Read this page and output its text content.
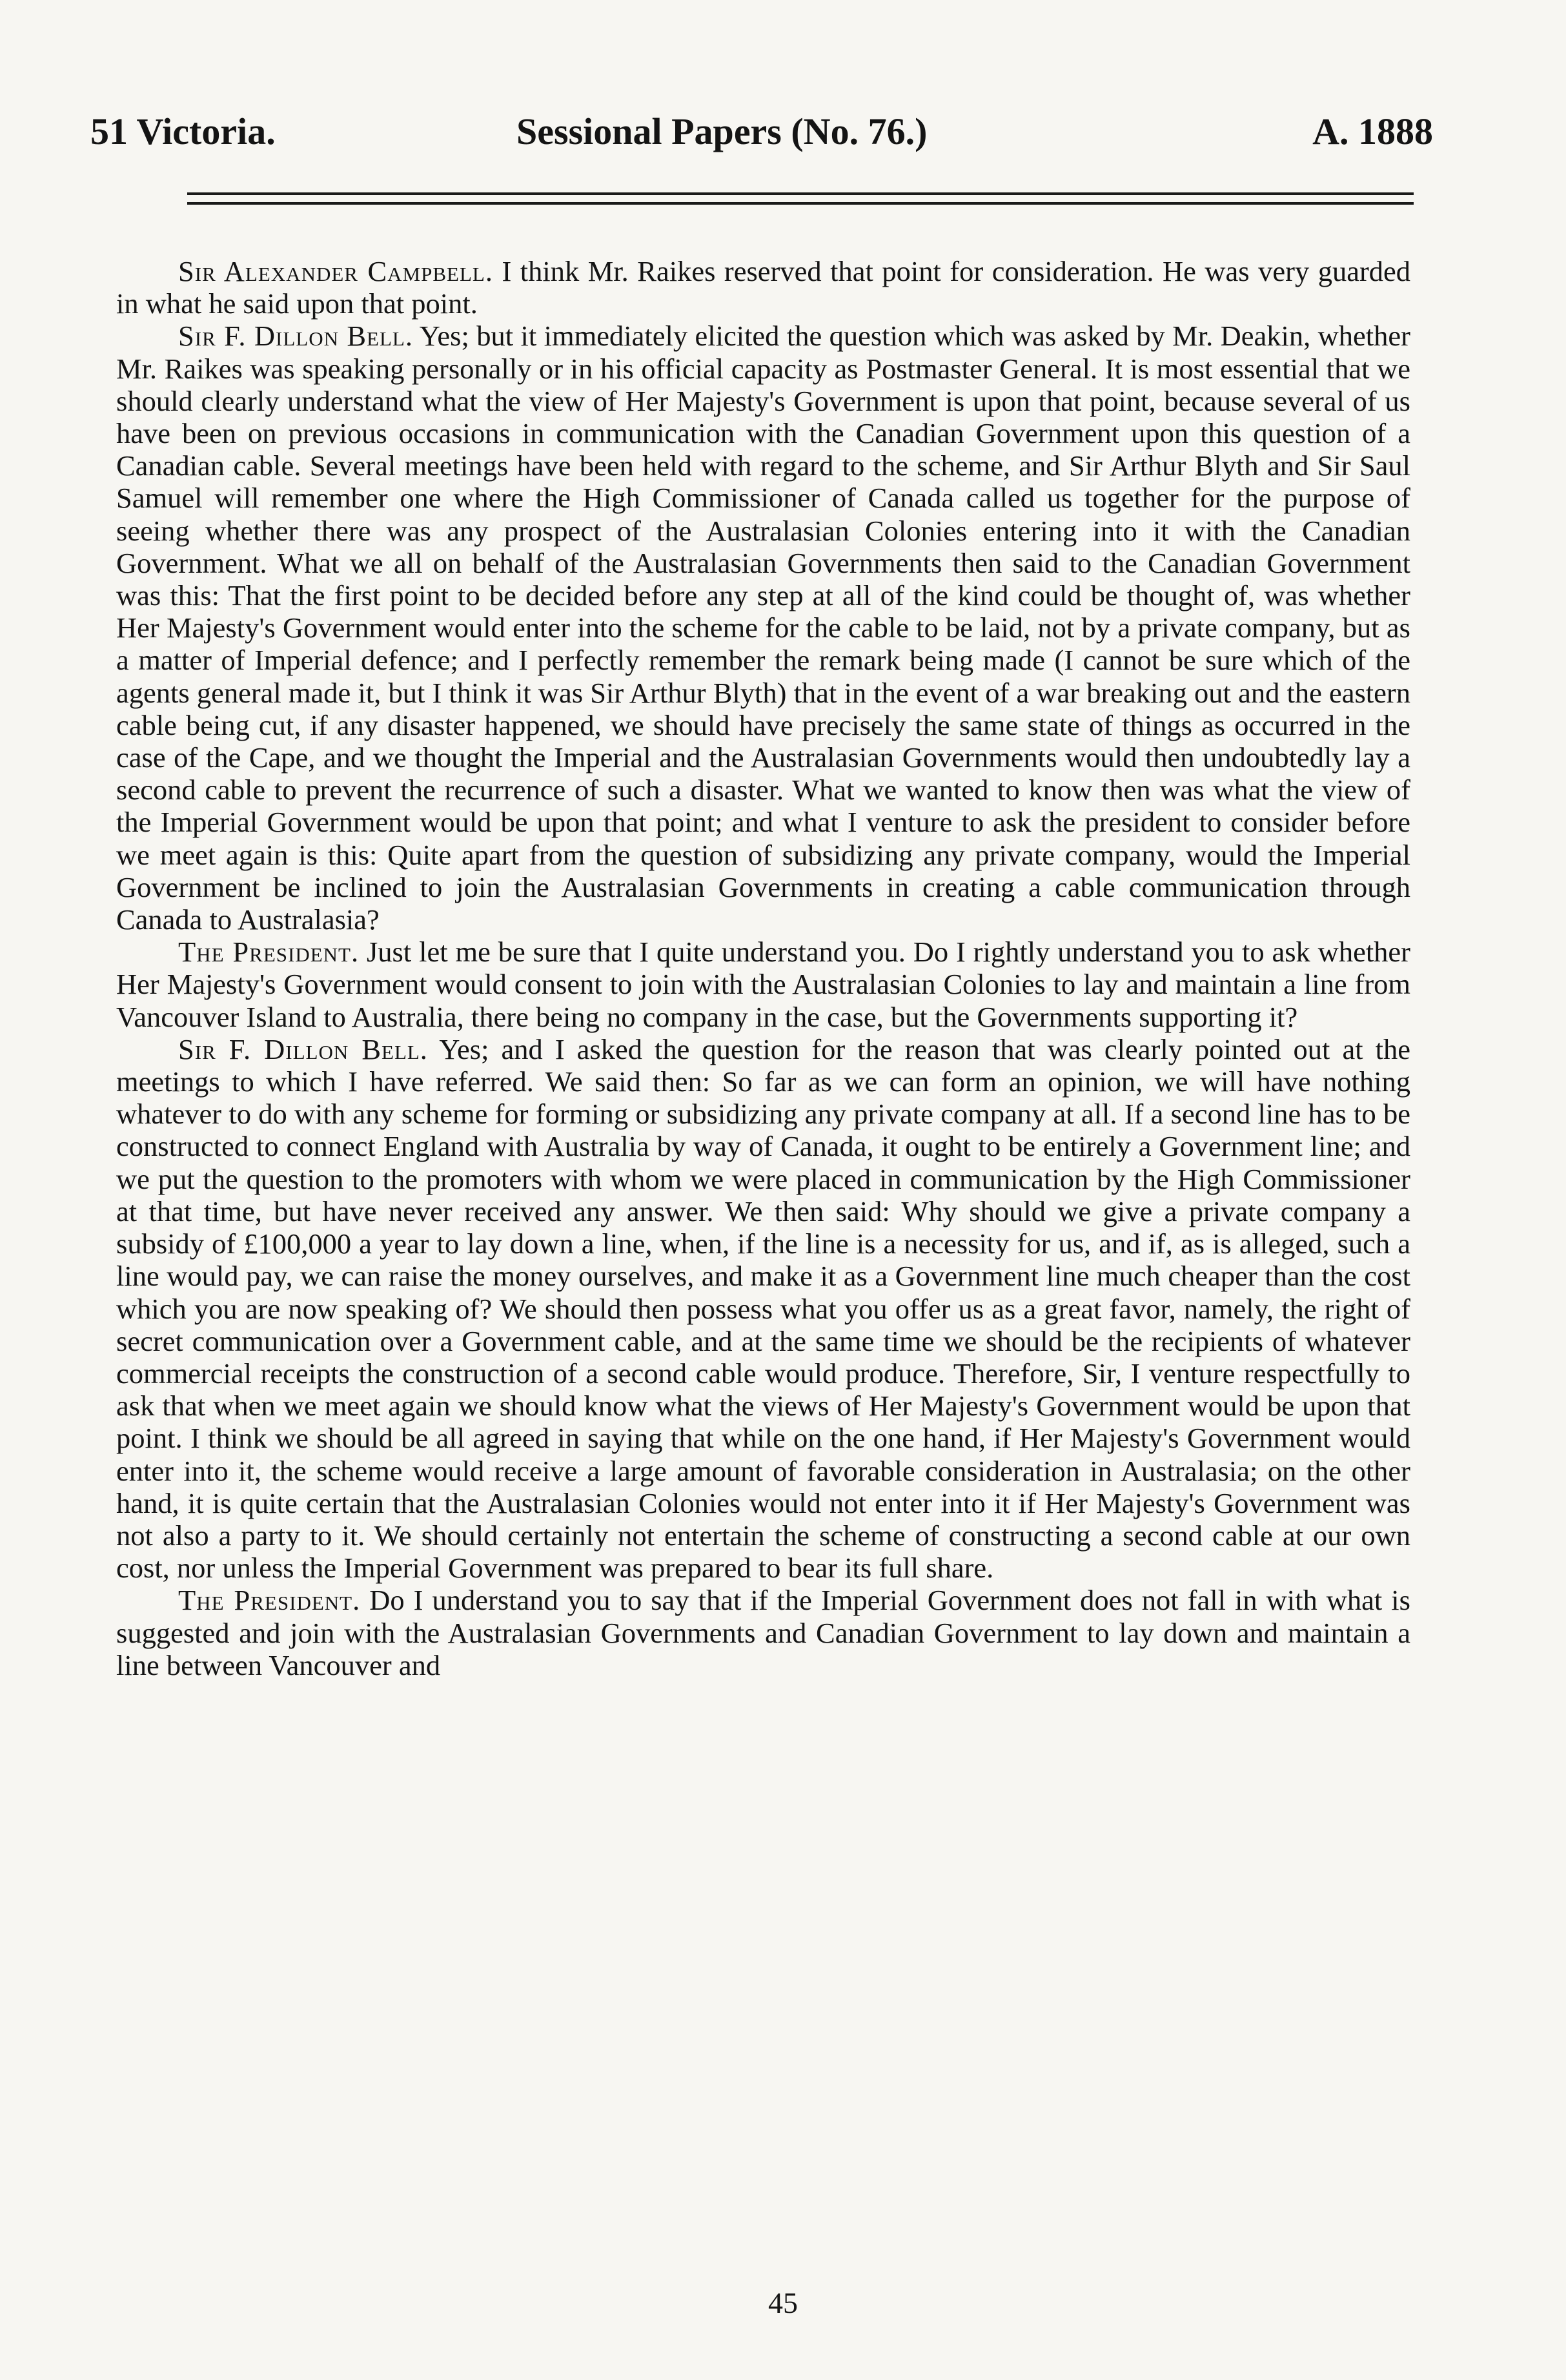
51 Victoria.	Sessional Papers (No. 76.)	A. 1888

Sir Alexander Campbell. I think Mr. Raikes reserved that point for consideration. He was very guarded in what he said upon that point.

Sir F. Dillon Bell. Yes; but it immediately elicited the question which was asked by Mr. Deakin, whether Mr. Raikes was speaking personally or in his official capacity as Postmaster General. It is most essential that we should clearly understand what the view of Her Majesty's Government is upon that point, because several of us have been on previous occasions in communication with the Canadian Government upon this question of a Canadian cable. Several meetings have been held with regard to the scheme, and Sir Arthur Blyth and Sir Saul Samuel will remember one where the High Commissioner of Canada called us together for the purpose of seeing whether there was any prospect of the Australasian Colonies entering into it with the Canadian Government. What we all on behalf of the Australasian Governments then said to the Canadian Government was this: That the first point to be decided before any step at all of the kind could be thought of, was whether Her Majesty's Government would enter into the scheme for the cable to be laid, not by a private company, but as a matter of Imperial defence; and I perfectly remember the remark being made (I cannot be sure which of the agents general made it, but I think it was Sir Arthur Blyth) that in the event of a war breaking out and the eastern cable being cut, if any disaster happened, we should have precisely the same state of things as occurred in the case of the Cape, and we thought the Imperial and the Australasian Governments would then undoubtedly lay a second cable to prevent the recurrence of such a disaster. What we wanted to know then was what the view of the Imperial Government would be upon that point; and what I venture to ask the president to consider before we meet again is this: Quite apart from the question of subsidizing any private company, would the Imperial Government be inclined to join the Australasian Governments in creating a cable communication through Canada to Australasia?

The President. Just let me be sure that I quite understand you. Do I rightly understand you to ask whether Her Majesty's Government would consent to join with the Australasian Colonies to lay and maintain a line from Vancouver Island to Australia, there being no company in the case, but the Governments supporting it?

Sir F. Dillon Bell. Yes; and I asked the question for the reason that was clearly pointed out at the meetings to which I have referred. We said then: So far as we can form an opinion, we will have nothing whatever to do with any scheme for forming or subsidizing any private company at all. If a second line has to be constructed to connect England with Australia by way of Canada, it ought to be entirely a Government line; and we put the question to the promoters with whom we were placed in communication by the High Commissioner at that time, but have never received any answer. We then said: Why should we give a private company a subsidy of £100,000 a year to lay down a line, when, if the line is a necessity for us, and if, as is alleged, such a line would pay, we can raise the money ourselves, and make it as a Government line much cheaper than the cost which you are now speaking of? We should then possess what you offer us as a great favor, namely, the right of secret communication over a Government cable, and at the same time we should be the recipients of whatever commercial receipts the construction of a second cable would produce. Therefore, Sir, I venture respectfully to ask that when we meet again we should know what the views of Her Majesty's Government would be upon that point. I think we should be all agreed in saying that while on the one hand, if Her Majesty's Government would enter into it, the scheme would receive a large amount of favorable consideration in Australasia; on the other hand, it is quite certain that the Australasian Colonies would not enter into it if Her Majesty's Government was not also a party to it. We should certainly not entertain the scheme of constructing a second cable at our own cost, nor unless the Imperial Government was prepared to bear its full share.

The President. Do I understand you to say that if the Imperial Government does not fall in with what is suggested and join with the Australasian Governments and Canadian Government to lay down and maintain a line between Vancouver and

45
